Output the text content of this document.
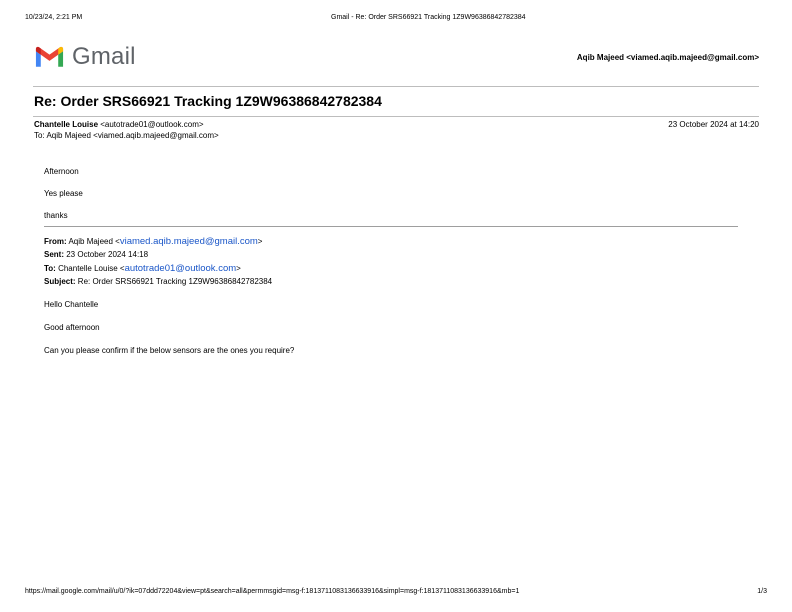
10/23/24, 2:21 PM	Gmail - Re: Order SRS66921 Tracking 1Z9W96386842782384
Gmail	Aqib Majeed <viamed.aqib.majeed@gmail.com>
Re: Order SRS66921 Tracking 1Z9W96386842782384
Chantelle Louise <autotrade01@outlook.com>
To: Aqib Majeed <viamed.aqib.majeed@gmail.com>
23 October 2024 at 14:20
Afternoon
Yes please
thanks
From: Aqib Majeed <viamed.aqib.majeed@gmail.com>
Sent: 23 October 2024 14:18
To: Chantelle Louise <autotrade01@outlook.com>
Subject: Re: Order SRS66921 Tracking 1Z9W96386842782384
Hello Chantelle
Good afternoon
Can you please confirm if the below sensors are the ones you require?
https://mail.google.com/mail/u/0/?ik=07ddd72204&view=pt&search=all&permmsgid=msg-f:1813711083136633916&simpl=msg-f:1813711083136633916&mb=1	1/3
